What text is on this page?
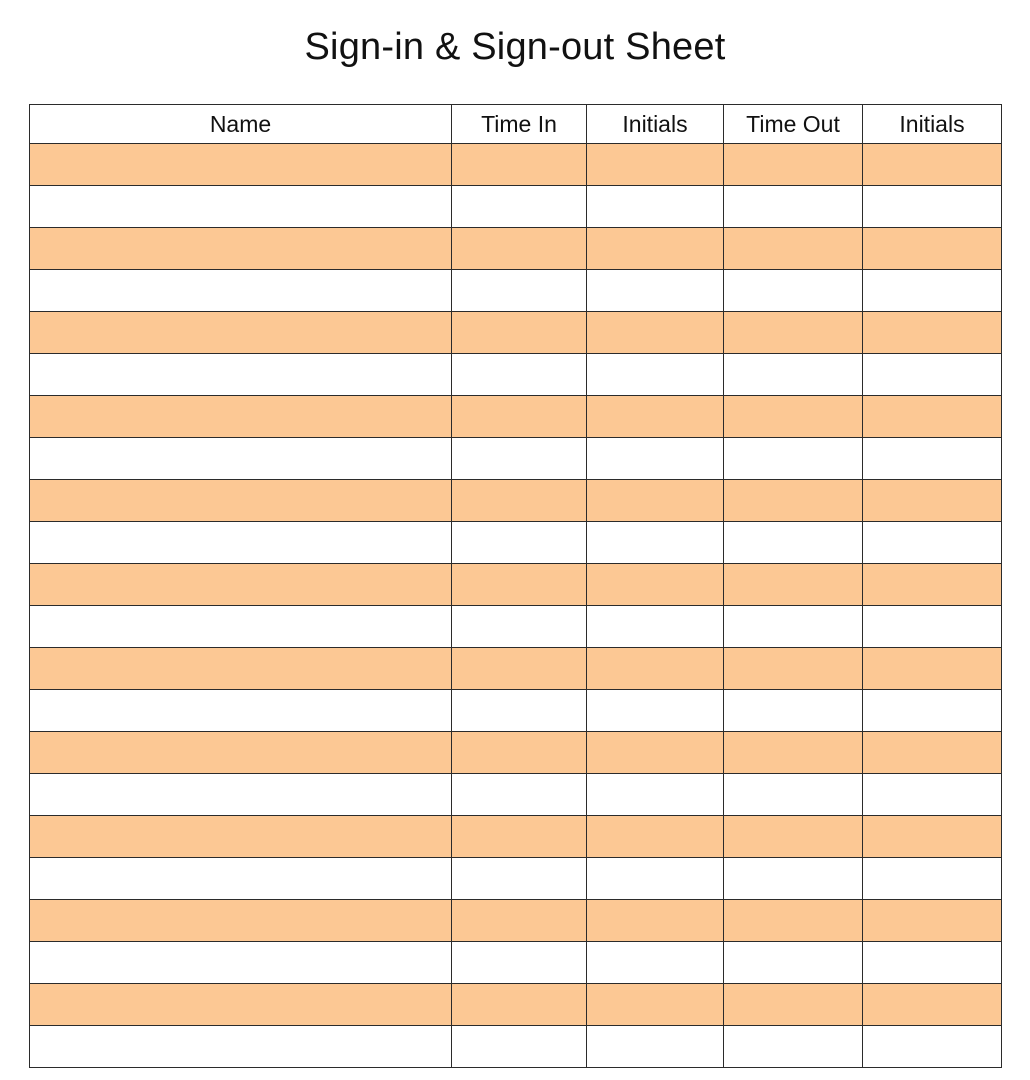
Sign-in & Sign-out Sheet
Name	Time In	Initials	Time Out	Initials
